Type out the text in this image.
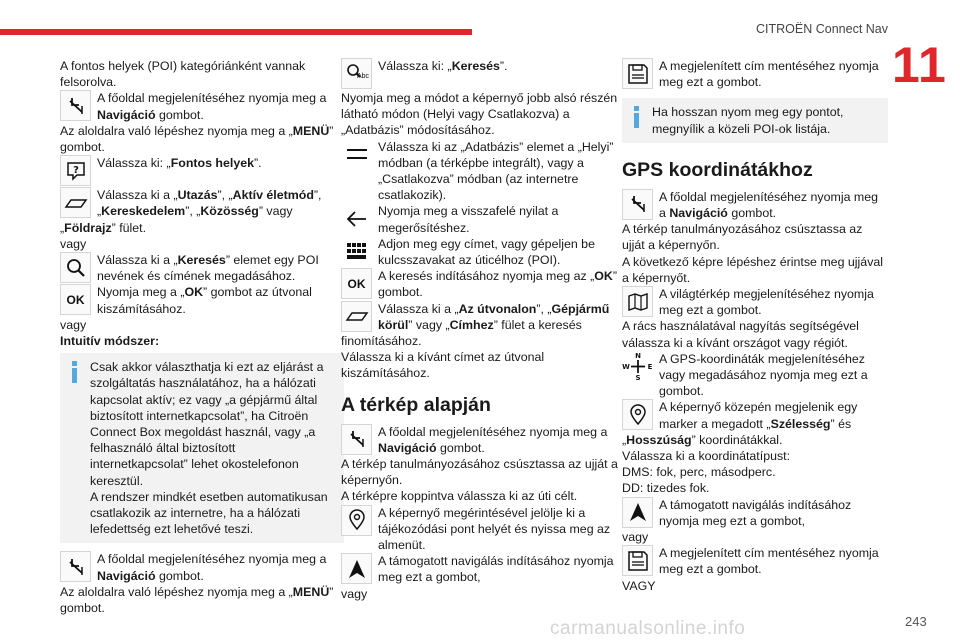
CITROËN Connect Nav
11
243
carmanualsonline.info
A fontos helyek (POI) kategóriánként vannak felsorolva.
A főoldal megjelenítéséhez nyomja meg a Navigáció gombot.
Az aloldalra való lépéshez nyomja meg a „MENÜ” gombot.
? Válassza ki: „Fontos helyek”.
Válassza ki a „Utazás”, „Aktív életmód”, „Kereskedelem”, „Közösség” vagy
„Földrajz” fület.
vagy
Válassza ki a „Keresés” elemet egy POI nevének és címének megadásához.
OK
Nyomja meg a „OK” gombot az útvonal kiszámításához.
vagy
Intuitív módszer:
Csak akkor választhatja ki ezt az eljárást a szolgáltatás használatához, ha a hálózati kapcsolat aktív; ez vagy „a gépjármű által biztosított internetkapcsolat”, ha Citroën Connect Box megoldást használ, vagy „a felhasználó által biztosított internetkapcsolat” lehet okostelefonon keresztül.
A rendszer mindkét esetben automatikusan csatlakozik az internetre, ha a hálózati lefedettség ezt lehetővé teszi.
A főoldal megjelenítéséhez nyomja meg a Navigáció gombot.
Az aloldalra való lépéshez nyomja meg a „MENÜ” gombot.
Abc
Válassza ki: „Keresés”.
Nyomja meg a módot a képernyő jobb alsó részén látható módon (Helyi vagy Csatlakozva) a „Adatbázis” módosításához.
Válassza ki az „Adatbázis” elemet a „Helyi” módban (a térképbe integrált), vagy a „Csatlakozva” módban (az internetre csatlakozik).
Nyomja meg a visszafelé nyilat a megerősítéshez.
Adjon meg egy címet, vagy gépeljen be kulcsszavakat az úticélhoz (POI).
OK
A keresés indításához nyomja meg az „OK” gombot.
Válassza ki a „Az útvonalon”, „Gépjármű körül” vagy „Címhez” fület a keresés
finomításához.
Válassza ki a kívánt címet az útvonal kiszámításához.
A térkép alapján
A főoldal megjelenítéséhez nyomja meg a Navigáció gombot.
A térkép tanulmányozásához csúsztassa az ujját a képernyőn.
A térképre koppintva válassza ki az úti célt.
A képernyő megérintésével jelölje ki a tájékozódási pont helyét és nyissa meg az almenüt.
A támogatott navigálás indításához nyomja meg ezt a gombot,
vagy
A megjelenített cím mentéséhez nyomja meg ezt a gombot.
Ha hosszan nyom meg egy pontot, megnyílik a közeli POI-ok listája.
GPS koordinátákhoz
A főoldal megjelenítéséhez nyomja meg a Navigáció gombot.
A térkép tanulmányozásához csúsztassa az ujját a képernyőn.
A következő képre lépéshez érintse meg ujjával a képernyőt.
A világtérkép megjelenítéséhez nyomja meg ezt a gombot.
A rács használatával nagyítás segítségével válassza ki a kívánt országot vagy régiót.
N
S
W	E
A GPS-koordináták megjelenítéséhez vagy megadásához nyomja meg ezt a gombot.
A képernyő közepén megjelenik egy marker a megadott „Szélesség” és
„Hosszúság” koordinátákkal.
Válassza ki a koordinátatípust:
DMS: fok, perc, másodperc.
DD: tizedes fok.
A támogatott navigálás indításához nyomja meg ezt a gombot,
vagy
A megjelenített cím mentéséhez nyomja meg ezt a gombot.
VAGY
